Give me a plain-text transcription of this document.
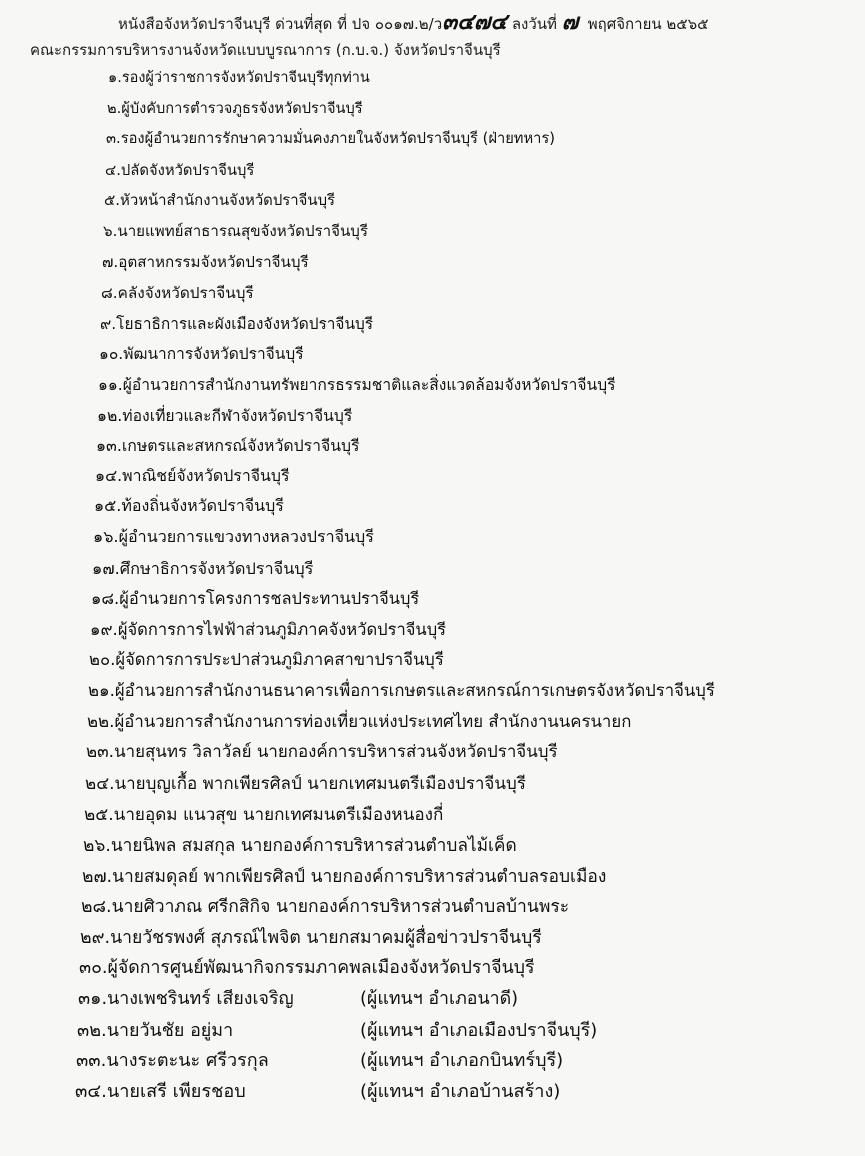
หนังสือจังหวัดปราจีนบุรี ด่วนที่สุด ที่ ปจ ๐๐๑๗.๒/ว๓๔๗๔ ลงวันที่ ๗ พฤศจิกายน ๒๕๖๕
คณะกรรมการบริหารงานจังหวัดแบบบูรณาการ (ก.บ.จ.) จังหวัดปราจีนบุรี
๑.รองผู้ว่าราชการจังหวัดปราจีนบุรีทุกท่าน
๒.ผู้บังคับการตำรวจภูธรจังหวัดปราจีนบุรี
๓.รองผู้อำนวยการรักษาความมั่นคงภายในจังหวัดปราจีนบุรี (ฝ่ายทหาร)
๔.ปลัดจังหวัดปราจีนบุรี
๕.หัวหน้าสำนักงานจังหวัดปราจีนบุรี
๖.นายแพทย์สาธารณสุขจังหวัดปราจีนบุรี
๗.อุตสาหกรรมจังหวัดปราจีนบุรี
๘.คลังจังหวัดปราจีนบุรี
๙.โยธาธิการและผังเมืองจังหวัดปราจีนบุรี
๑๐.พัฒนาการจังหวัดปราจีนบุรี
๑๑.ผู้อำนวยการสำนักงานทรัพยากรธรรมชาติและสิ่งแวดล้อมจังหวัดปราจีนบุรี
๑๒.ท่องเที่ยวและกีฬาจังหวัดปราจีนบุรี
๑๓.เกษตรและสหกรณ์จังหวัดปราจีนบุรี
๑๔.พาณิชย์จังหวัดปราจีนบุรี
๑๕.ท้องถิ่นจังหวัดปราจีนบุรี
๑๖.ผู้อำนวยการแขวงทางหลวงปราจีนบุรี
๑๗.ศึกษาธิการจังหวัดปราจีนบุรี
๑๘.ผู้อำนวยการโครงการชลประทานปราจีนบุรี
๑๙.ผู้จัดการการไฟฟ้าส่วนภูมิภาคจังหวัดปราจีนบุรี
๒๐.ผู้จัดการการประปาส่วนภูมิภาคสาขาปราจีนบุรี
๒๑.ผู้อำนวยการสำนักงานธนาคารเพื่อการเกษตรและสหกรณ์การเกษตรจังหวัดปราจีนบุรี
๒๒.ผู้อำนวยการสำนักงานการท่องเที่ยวแห่งประเทศไทย สำนักงานนครนายก
๒๓.นายสุนทร วิลาวัลย์ นายกองค์การบริหารส่วนจังหวัดปราจีนบุรี
๒๔.นายบุญเกื้อ พากเพียรศิลป์ นายกเทศมนตรีเมืองปราจีนบุรี
๒๕.นายอุดม แนวสุข นายกเทศมนตรีเมืองหนองกี่
๒๖.นายนิพล สมสกุล นายกองค์การบริหารส่วนตำบลไม้เค็ด
๒๗.นายสมดุลย์ พากเพียรศิลป์ นายกองค์การบริหารส่วนตำบลรอบเมือง
๒๘.นายศิวาภณ ศรีกสิกิจ นายกองค์การบริหารส่วนตำบลบ้านพระ
๒๙.นายวัชรพงศ์ สุภรณ์ไพจิต นายกสมาคมผู้สื่อข่าวปราจีนบุรี
๓๐.ผู้จัดการศูนย์พัฒนากิจกรรมภาคพลเมืองจังหวัดปราจีนบุรี
๓๑.นางเพชรินทร์ เสียงเจริญ	(ผู้แทนฯ อำเภอนาดี)
๓๒.นายวันชัย อยู่มา	(ผู้แทนฯ อำเภอเมืองปราจีนบุรี)
๓๓.นางระตะนะ ศรีวรกุล	(ผู้แทนฯ อำเภอกบินทร์บุรี)
๓๔.นายเสรี เพียรชอบ	(ผู้แทนฯ อำเภอบ้านสร้าง)
